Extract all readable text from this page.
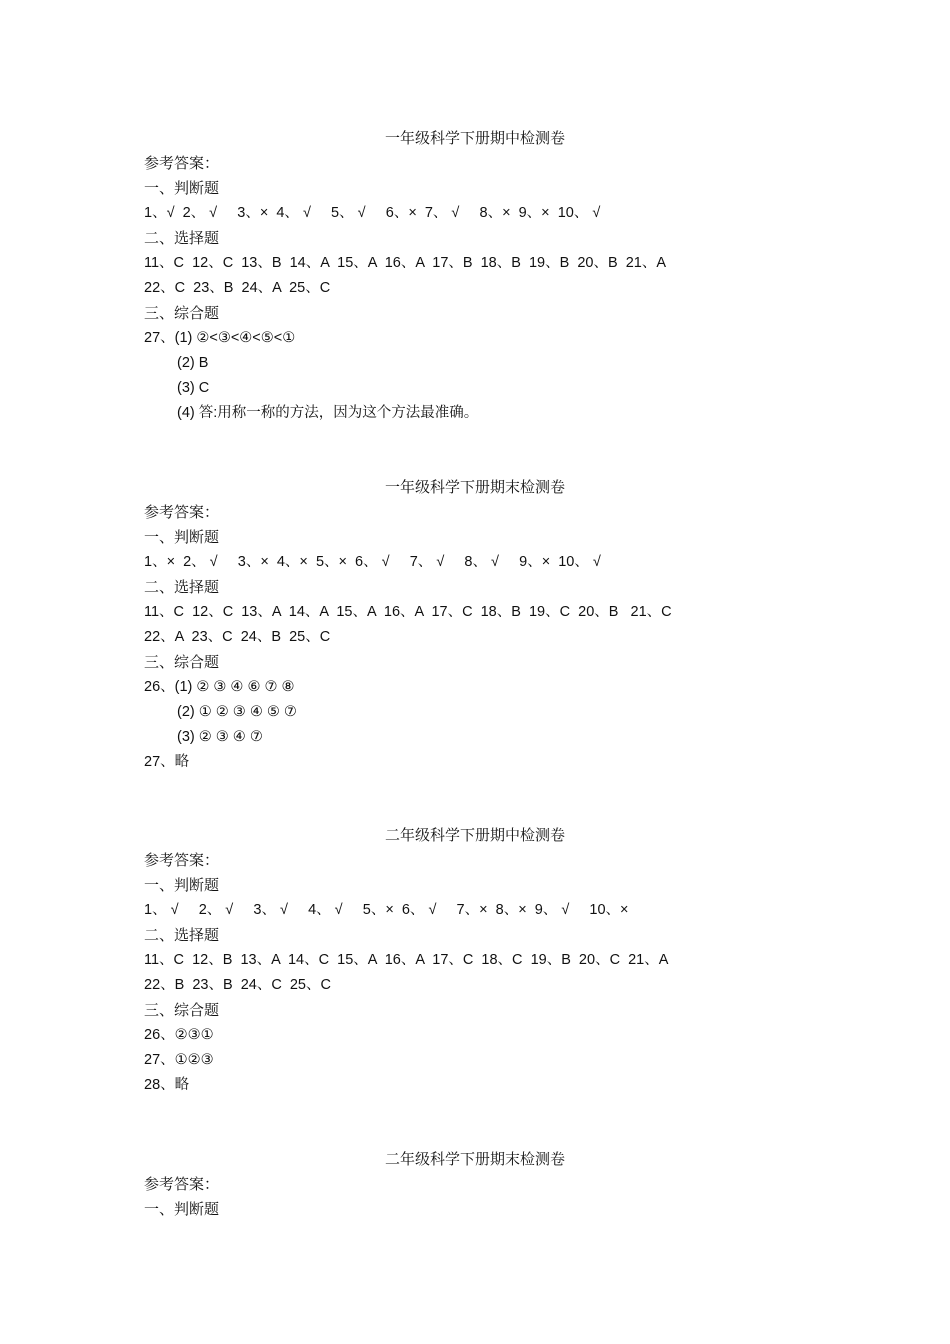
一年级科学下册期中检测卷
参考答案：
一、判断题
1、√  2、 √     3、×  4、 √     5、 √     6、×  7、 √     8、×  9、×  10、 √
二、选择题
11、C  12、C  13、B  14、A  15、A  16、A  17、B  18、B  19、B  20、B  21、A
22、C  23、B  24、A  25、C
三、综合题
27、(1) ②<③<④<⑤<①
(2) B
(3) C
(4) 答:用称一称的方法，因为这个方法最准确。
一年级科学下册期末检测卷
参考答案：
一、判断题
1、×  2、 √     3、×  4、×  5、×  6、 √     7、 √     8、 √     9、×  10、 √
二、选择题
11、C  12、C  13、A  14、A  15、A  16、A  17、C  18、B  19、C  20、B   21、C
22、A  23、C  24、B  25、C
三、综合题
26、(1) ② ③ ④ ⑥ ⑦ ⑧
(2) ① ② ③ ④ ⑤ ⑦
(3) ② ③ ④ ⑦
27、略
二年级科学下册期中检测卷
参考答案：
一、判断题
1、 √     2、 √     3、 √     4、 √     5、×  6、 √     7、×  8、×  9、 √     10、×
二、选择题
11、C  12、B  13、A  14、C  15、A  16、A  17、C  18、C  19、B  20、C  21、A
22、B  23、B  24、C  25、C
三、综合题
26、②③①
27、①②③
28、略
二年级科学下册期末检测卷
参考答案：
一、判断题
